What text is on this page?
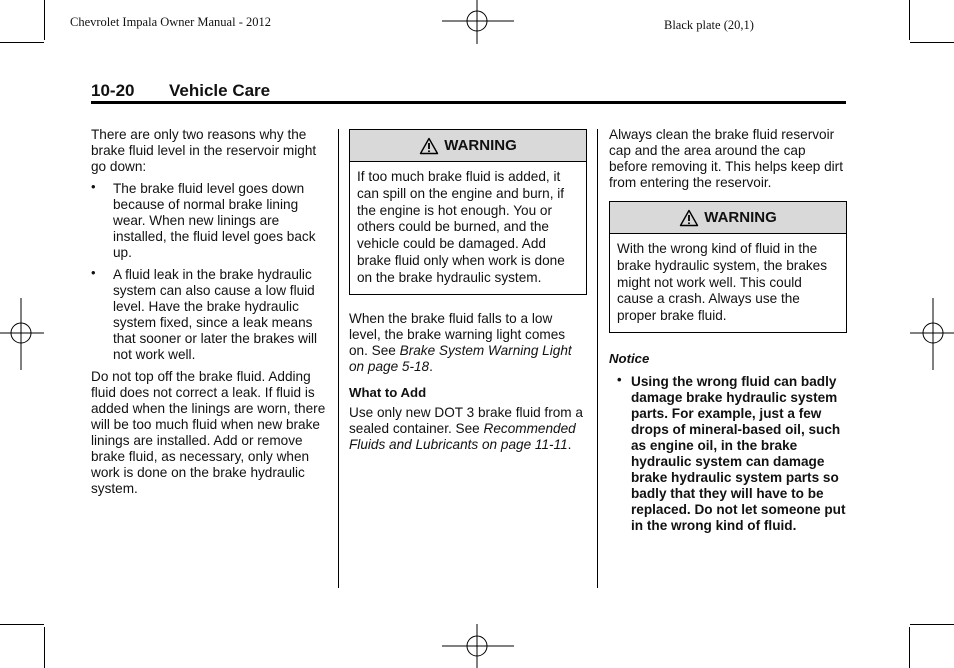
Chevrolet Impala Owner Manual - 2012	Black plate (20,1)
10-20 Vehicle Care

There are only two reasons why the brake fluid level in the reservoir might go down:

• The brake fluid level goes down because of normal brake lining wear. When new linings are installed, the fluid level goes back up.
• A fluid leak in the brake hydraulic system can also cause a low fluid level. Have the brake hydraulic system fixed, since a leak means that sooner or later the brakes will not work well.

Do not top off the brake fluid. Adding fluid does not correct a leak. If fluid is added when the linings are worn, there will be too much fluid when new brake linings are installed. Add or remove brake fluid, as necessary, only when work is done on the brake hydraulic system.

WARNING
If too much brake fluid is added, it can spill on the engine and burn, if the engine is hot enough. You or others could be burned, and the vehicle could be damaged. Add brake fluid only when work is done on the brake hydraulic system.

When the brake fluid falls to a low level, the brake warning light comes on. See Brake System Warning Light on page 5-18.

What to Add

Use only new DOT 3 brake fluid from a sealed container. See Recommended Fluids and Lubricants on page 11-11.

Always clean the brake fluid reservoir cap and the area around the cap before removing it. This helps keep dirt from entering the reservoir.

WARNING
With the wrong kind of fluid in the brake hydraulic system, the brakes might not work well. This could cause a crash. Always use the proper brake fluid.
Notice
• Using the wrong fluid can badly damage brake hydraulic system parts. For example, just a few drops of mineral-based oil, such as engine oil, in the brake hydraulic system can damage brake hydraulic system parts so badly that they will have to be replaced. Do not let someone put in the wrong kind of fluid.
